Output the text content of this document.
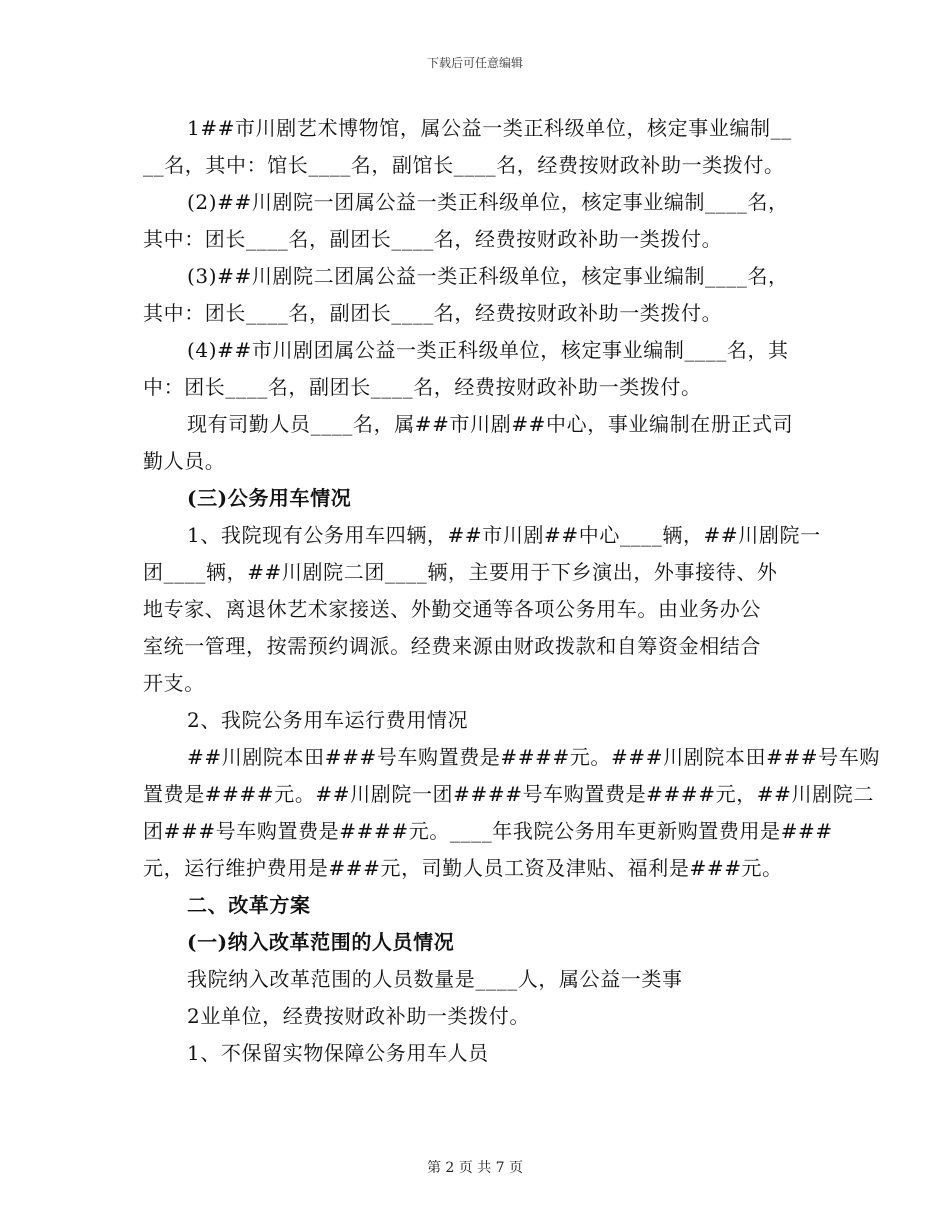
下载后可任意编辑
1##市川剧艺术博物馆，属公益一类正科级单位，核定事业编制__
__名，其中：馆长____名，副馆长____名，经费按财政补助一类拨付。
(2)##川剧院一团属公益一类正科级单位，核定事业编制____名，
其中：团长____名，副团长____名，经费按财政补助一类拨付。
(3)##川剧院二团属公益一类正科级单位，核定事业编制____名，
其中：团长____名，副团长____名，经费按财政补助一类拨付。
(4)##市川剧团属公益一类正科级单位，核定事业编制____名，其
中：团长____名，副团长____名，经费按财政补助一类拨付。
现有司勤人员____名，属##市川剧##中心，事业编制在册正式司
勤人员。
(三)公务用车情况
1、我院现有公务用车四辆，##市川剧##中心____辆，##川剧院一
团____辆，##川剧院二团____辆，主要用于下乡演出，外事接待、外
地专家、离退休艺术家接送、外勤交通等各项公务用车。由业务办公
室统一管理，按需预约调派。经费来源由财政拨款和自筹资金相结合
开支。
2、我院公务用车运行费用情况
##川剧院本田###号车购置费是####元。###川剧院本田###号车购
置费是####元。##川剧院一团####号车购置费是####元，##川剧院二
团###号车购置费是####元。____年我院公务用车更新购置费用是###
元，运行维护费用是###元，司勤人员工资及津贴、福利是###元。
二、改革方案
(一)纳入改革范围的人员情况
我院纳入改革范围的人员数量是____人，属公益一类事
2业单位，经费按财政补助一类拨付。
1、不保留实物保障公务用车人员
第 2 页 共 7 页
